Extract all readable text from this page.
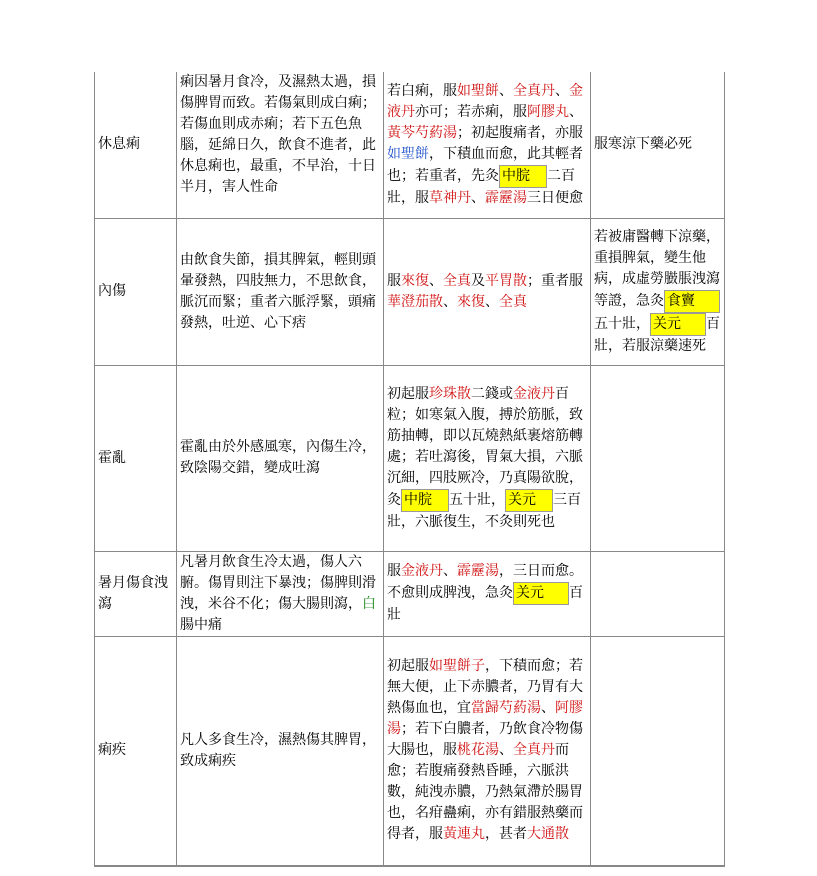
休息痢	痢因暑月食冷，及濕熱太過，損傷脾胃而致。若傷氣則成白痢；若傷血則成赤痢；若下五色魚腦，延綿日久，飲食不進者，此休息痢也，最重，不早治，十日半月，害人性命	若白痢，服如聖餅、全真丹、金液丹亦可；若赤痢，服阿膠丸、黃芩芍葯湯；初起腹痛者，亦服如聖餅，下積血而愈，此其輕者也；若重者，先灸 中脘 二百壯，服草神丹、霹靂湯三日便愈	服寒涼下藥必死
內傷	由飲食失節，損其脾氣，輕則頭暈發熱，四肢無力，不思飲食，脈沉而緊；重者六脈浮緊，頭痛發熱，吐逆、心下痞	服來復、全真及平胃散；重者服華澄茄散、來復、全真	若被庸醫轉下涼藥，重損脾氣，變生他病，成虛勞臌脹洩瀉等證，急灸 食竇五十壯， 关元 百壯，若服涼藥速死
霍亂	霍亂由於外感風寒，內傷生冷，致陰陽交錯，變成吐瀉	初起服珍珠散二錢或金液丹百粒；如寒氣入腹，搏於筋脈，致筋抽轉，即以瓦燒熱紙裹熔筋轉處；若吐瀉後，胃氣大損，六脈沉細，四肢厥冷，乃真陽欲脫，灸 中脘 五十壯， 关元 三百壯，六脈復生，不灸則死也	
暑月傷食洩瀉	凡暑月飲食生冷太過，傷人六腑。傷胃則注下暴洩；傷脾則滑洩，米谷不化；傷大腸則瀉，白腸中痛	服金液丹、霹靂湯，三日而愈。不愈則成脾洩，急灸 关元 百壯	
痢疾	凡人多食生冷，濕熱傷其脾胃，致成痢疾	初起服如聖餅子，下積而愈；若無大便，止下赤膿者，乃胃有大熱傷血也，宜當歸芍葯湯、阿膠湯；若下白膿者，乃飲食冷物傷大腸也，服桃花湯、全真丹而愈；若腹痛發熱昏睡，六脈洪數，純洩赤膿，乃熱氣滯於腸胃也，名疳蠱痢，亦有錯服熱藥而得者，服黃連丸，甚者大通散	
